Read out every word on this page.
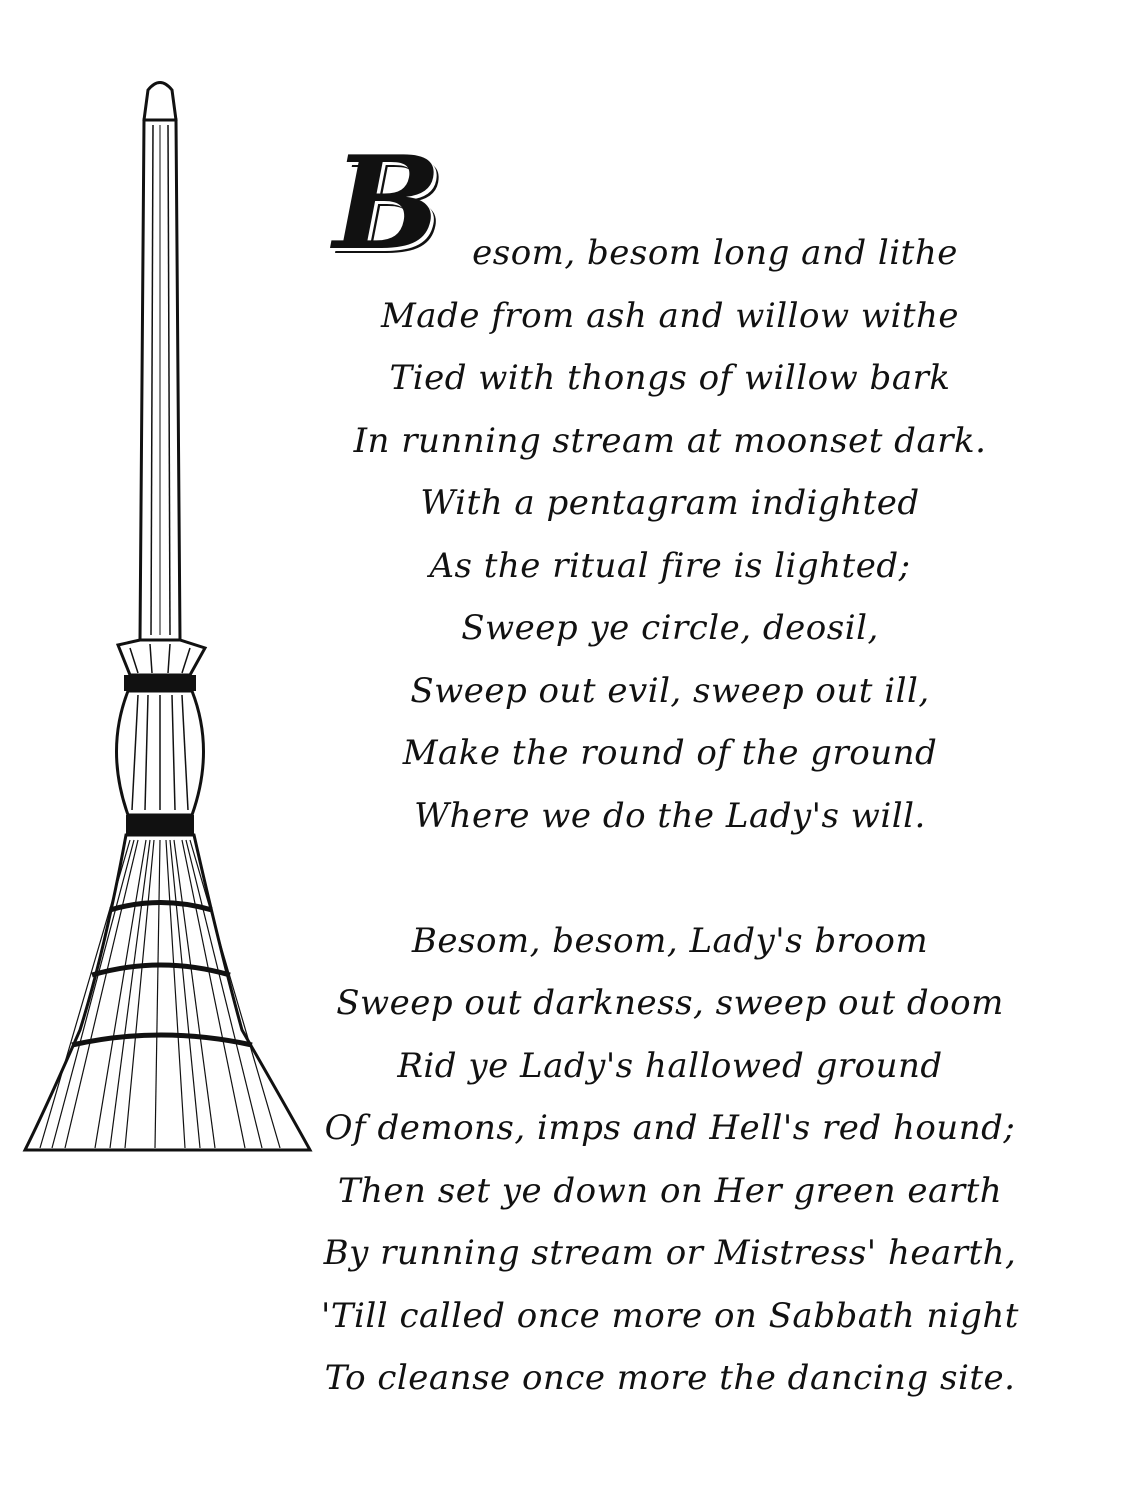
B esom, besom long and lithe
Made from ash and willow withe
Tied with thongs of willow bark
In running stream at moonset dark.
With a pentagram indighted
As the ritual fire is lighted;
Sweep ye circle, deosil,
Sweep out evil, sweep out ill,
Make the round of the ground
Where we do the Lady's will.
Besom, besom, Lady's broom
Sweep out darkness, sweep out doom
Rid ye Lady's hallowed ground
Of demons, imps and Hell's red hound;
Then set ye down on Her green earth
By running stream or Mistress' hearth,
'Till called once more on Sabbath night
To cleanse once more the dancing site.
